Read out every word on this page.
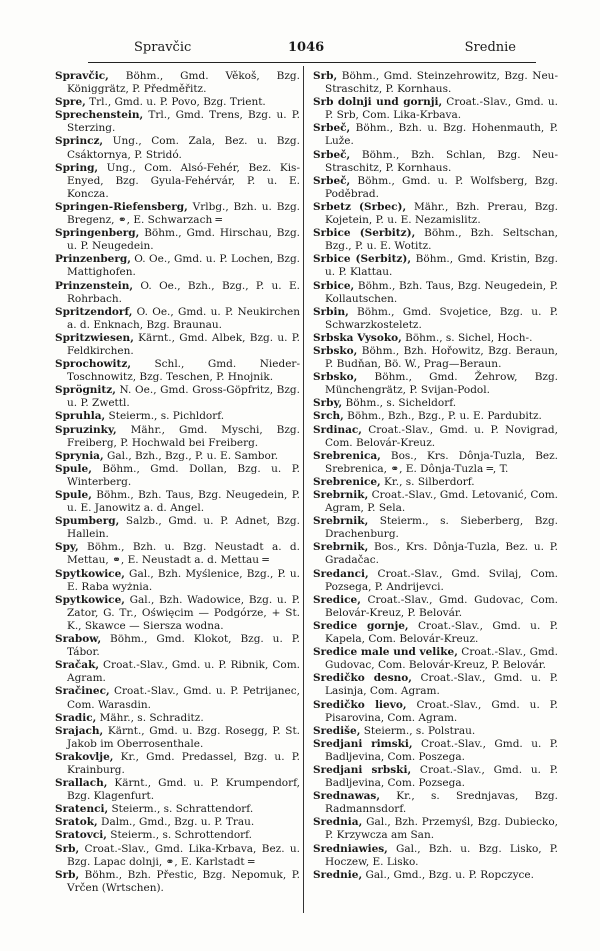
Spravčic	1046	Srednie

Spravčic, Böhm., Gmd. Věkoš, Bzg. Königgrätz, P. Předměřitz.

Spre, Trl., Gmd. u. P. Povo, Bzg. Trient.

Sprechenstein, Trl., Gmd. Trens, Bzg. u. P. Sterzing.

Sprincz, Ung., Com. Zala, Bez. u. Bzg. Csáktornya, P. Stridó.

Spring, Ung., Com. Alsó-Fehér, Bez. Kis-Enyed, Bzg. Gyula-Fehérvár, P. u. E. Koncza.

Springen-Riefensberg, Vrlbg., Bzh. u. Bzg. Bregenz, ⚭, E. Schwarzach ═

Springenberg, Böhm., Gmd. Hirschau, Bzg. u. P. Neugedein.

Prinzenberg, O. Oe., Gmd. u. P. Lochen, Bzg. Mattighofen.

Prinzenstein, O. Oe., Bzh., Bzg., P. u. E. Rohrbach.

Spritzendorf, O. Oe., Gmd. u. P. Neukirchen a. d. Enknach, Bzg. Braunau.

Spritzwiesen, Kärnt., Gmd. Albek, Bzg. u. P. Feldkirchen.

Sprochowitz, Schl., Gmd. Nieder-Toschnowitz, Bzg. Teschen, P. Hnojnik.

Sprögnitz, N. Oe., Gmd. Gross-Göpfritz, Bzg. u. P. Zwettl.

Spruhla, Steierm., s. Pichldorf.

Spruzinky, Mähr., Gmd. Myschi, Bzg. Freiberg, P. Hochwald bei Freiberg.

Sprynia, Gal., Bzh., Bzg., P. u. E. Sambor.

Spule, Böhm., Gmd. Dollan, Bzg. u. P. Winterberg.

Spule, Böhm., Bzh. Taus, Bzg. Neugedein, P. u. E. Janowitz a. d. Angel.

Spumberg, Salzb., Gmd. u. P. Adnet, Bzg. Hallein.

Spy, Böhm., Bzh. u. Bzg. Neustadt a. d. Mettau, ⚭, E. Neustadt a. d. Mettau ═

Spytkowice, Gal., Bzh. Myślenice, Bzg., P. u. E. Raba wyżnia.

Spytkowice, Gal., Bzh. Wadowice, Bzg. u. P. Zator, G. Tr., Oświęcim — Podgórze, + St. K., Skawce — Siersza wodna.

Srabow, Böhm., Gmd. Klokot, Bzg. u. P. Tábor.

Sračak, Croat.-Slav., Gmd. u. P. Ribnik, Com. Agram.

Sračinec, Croat.-Slav., Gmd. u. P. Petrijanec, Com. Warasdin.

Sradic, Mähr., s. Schraditz.

Srajach, Kärnt., Gmd. u. Bzg. Rosegg, P. St. Jakob im Oberrosenthale.

Srakovlje, Kr., Gmd. Predassel, Bzg. u. P. Krainburg.

Srallach, Kärnt., Gmd. u. P. Krumpendorf, Bzg. Klagenfurt.

Sratenci, Steierm., s. Schrattendorf.

Sratok, Dalm., Gmd., Bzg. u. P. Trau.

Sratovci, Steierm., s. Schrottendorf.

Srb, Croat.-Slav., Gmd. Lika-Krbava, Bez. u. Bzg. Lapac dolnji, ⚭, E. Karlstadt ═

Srb, Böhm., Bzh. Přestic, Bzg. Nepomuk, P. Vrčen (Wrtschen).

Srb, Böhm., Gmd. Steinzehrowitz, Bzg. Neu-Straschitz, P. Kornhaus.

Srb dolnji und gornji, Croat.-Slav., Gmd. u. P. Srb, Com. Lika-Krbava.

Srbeč, Böhm., Bzh. u. Bzg. Hohenmauth, P. Luže.

Srbeč, Böhm., Bzh. Schlan, Bzg. Neu-Straschitz, P. Kornhaus.

Srbeč, Böhm., Gmd. u. P. Wolfsberg, Bzg. Poděbrad.

Srbetz (Srbec), Mähr., Bzh. Prerau, Bzg. Kojetein, P. u. E. Nezamislitz.

Srbice (Serbitz), Böhm., Bzh. Seltschan, Bzg., P. u. E. Wotitz.

Srbice (Serbitz), Böhm., Gmd. Kristin, Bzg. u. P. Klattau.

Srbice, Böhm., Bzh. Taus, Bzg. Neugedein, P. Kollautschen.

Srbin, Böhm., Gmd. Svojetice, Bzg. u. P. Schwarzkosteletz.

Srbska Vysoko, Böhm., s. Sichel, Hoch-.

Srbsko, Böhm., Bzh. Hořowitz, Bzg. Beraun, P. Budňan, Bö. W., Prag—Beraun.

Srbsko, Böhm., Gmd. Žehrow, Bzg. Münchengrätz, P. Svijan-Podol.

Srby, Böhm., s. Sicheldorf.

Srch, Böhm., Bzh., Bzg., P. u. E. Pardubitz.

Srdinac, Croat.-Slav., Gmd. u. P. Novigrad, Com. Belovár-Kreuz.

Srebrenica, Bos., Krs. Dônja-Tuzla, Bez. Srebrenica, ⚭, E. Dônja-Tuzla ═, T.

Srebrenice, Kr., s. Silberdorf.

Srebrnik, Croat.-Slav., Gmd. Letovanić, Com. Agram, P. Sela.

Srebrnik, Steierm., s. Sieberberg, Bzg. Drachenburg.

Srebrnik, Bos., Krs. Dônja-Tuzla, Bez. u. P. Gradačac.

Sredanci, Croat.-Slav., Gmd. Svilaj, Com. Pozsega, P. Andrijevci.

Sredice, Croat.-Slav., Gmd. Gudovac, Com. Belovár-Kreuz, P. Belovár.

Sredice gornje, Croat.-Slav., Gmd. u. P. Kapela, Com. Belovár-Kreuz.

Sredice male und velike, Croat.-Slav., Gmd. Gudovac, Com. Belovár-Kreuz, P. Belovár.

Sredičko desno, Croat.-Slav., Gmd. u. P. Lasinja, Com. Agram.

Sredičko lievo, Croat.-Slav., Gmd. u. P. Pisarovina, Com. Agram.

Središe, Steierm., s. Polstrau.

Sredjani rimski, Croat.-Slav., Gmd. u. P. Badljevina, Com. Poszega.

Sredjani srbski, Croat.-Slav., Gmd. u. P. Badljevina, Com. Pozsega.

Srednawas, Kr., s. Srednjavas, Bzg. Radmannsdorf.

Srednia, Gal., Bzh. Przemyśl, Bzg. Dubiecko, P. Krzywcza am San.

Sredniawies, Gal., Bzh. u. Bzg. Lisko, P. Hoczew, E. Lisko.

Srednie, Gal., Gmd., Bzg. u. P. Ropczyce.
